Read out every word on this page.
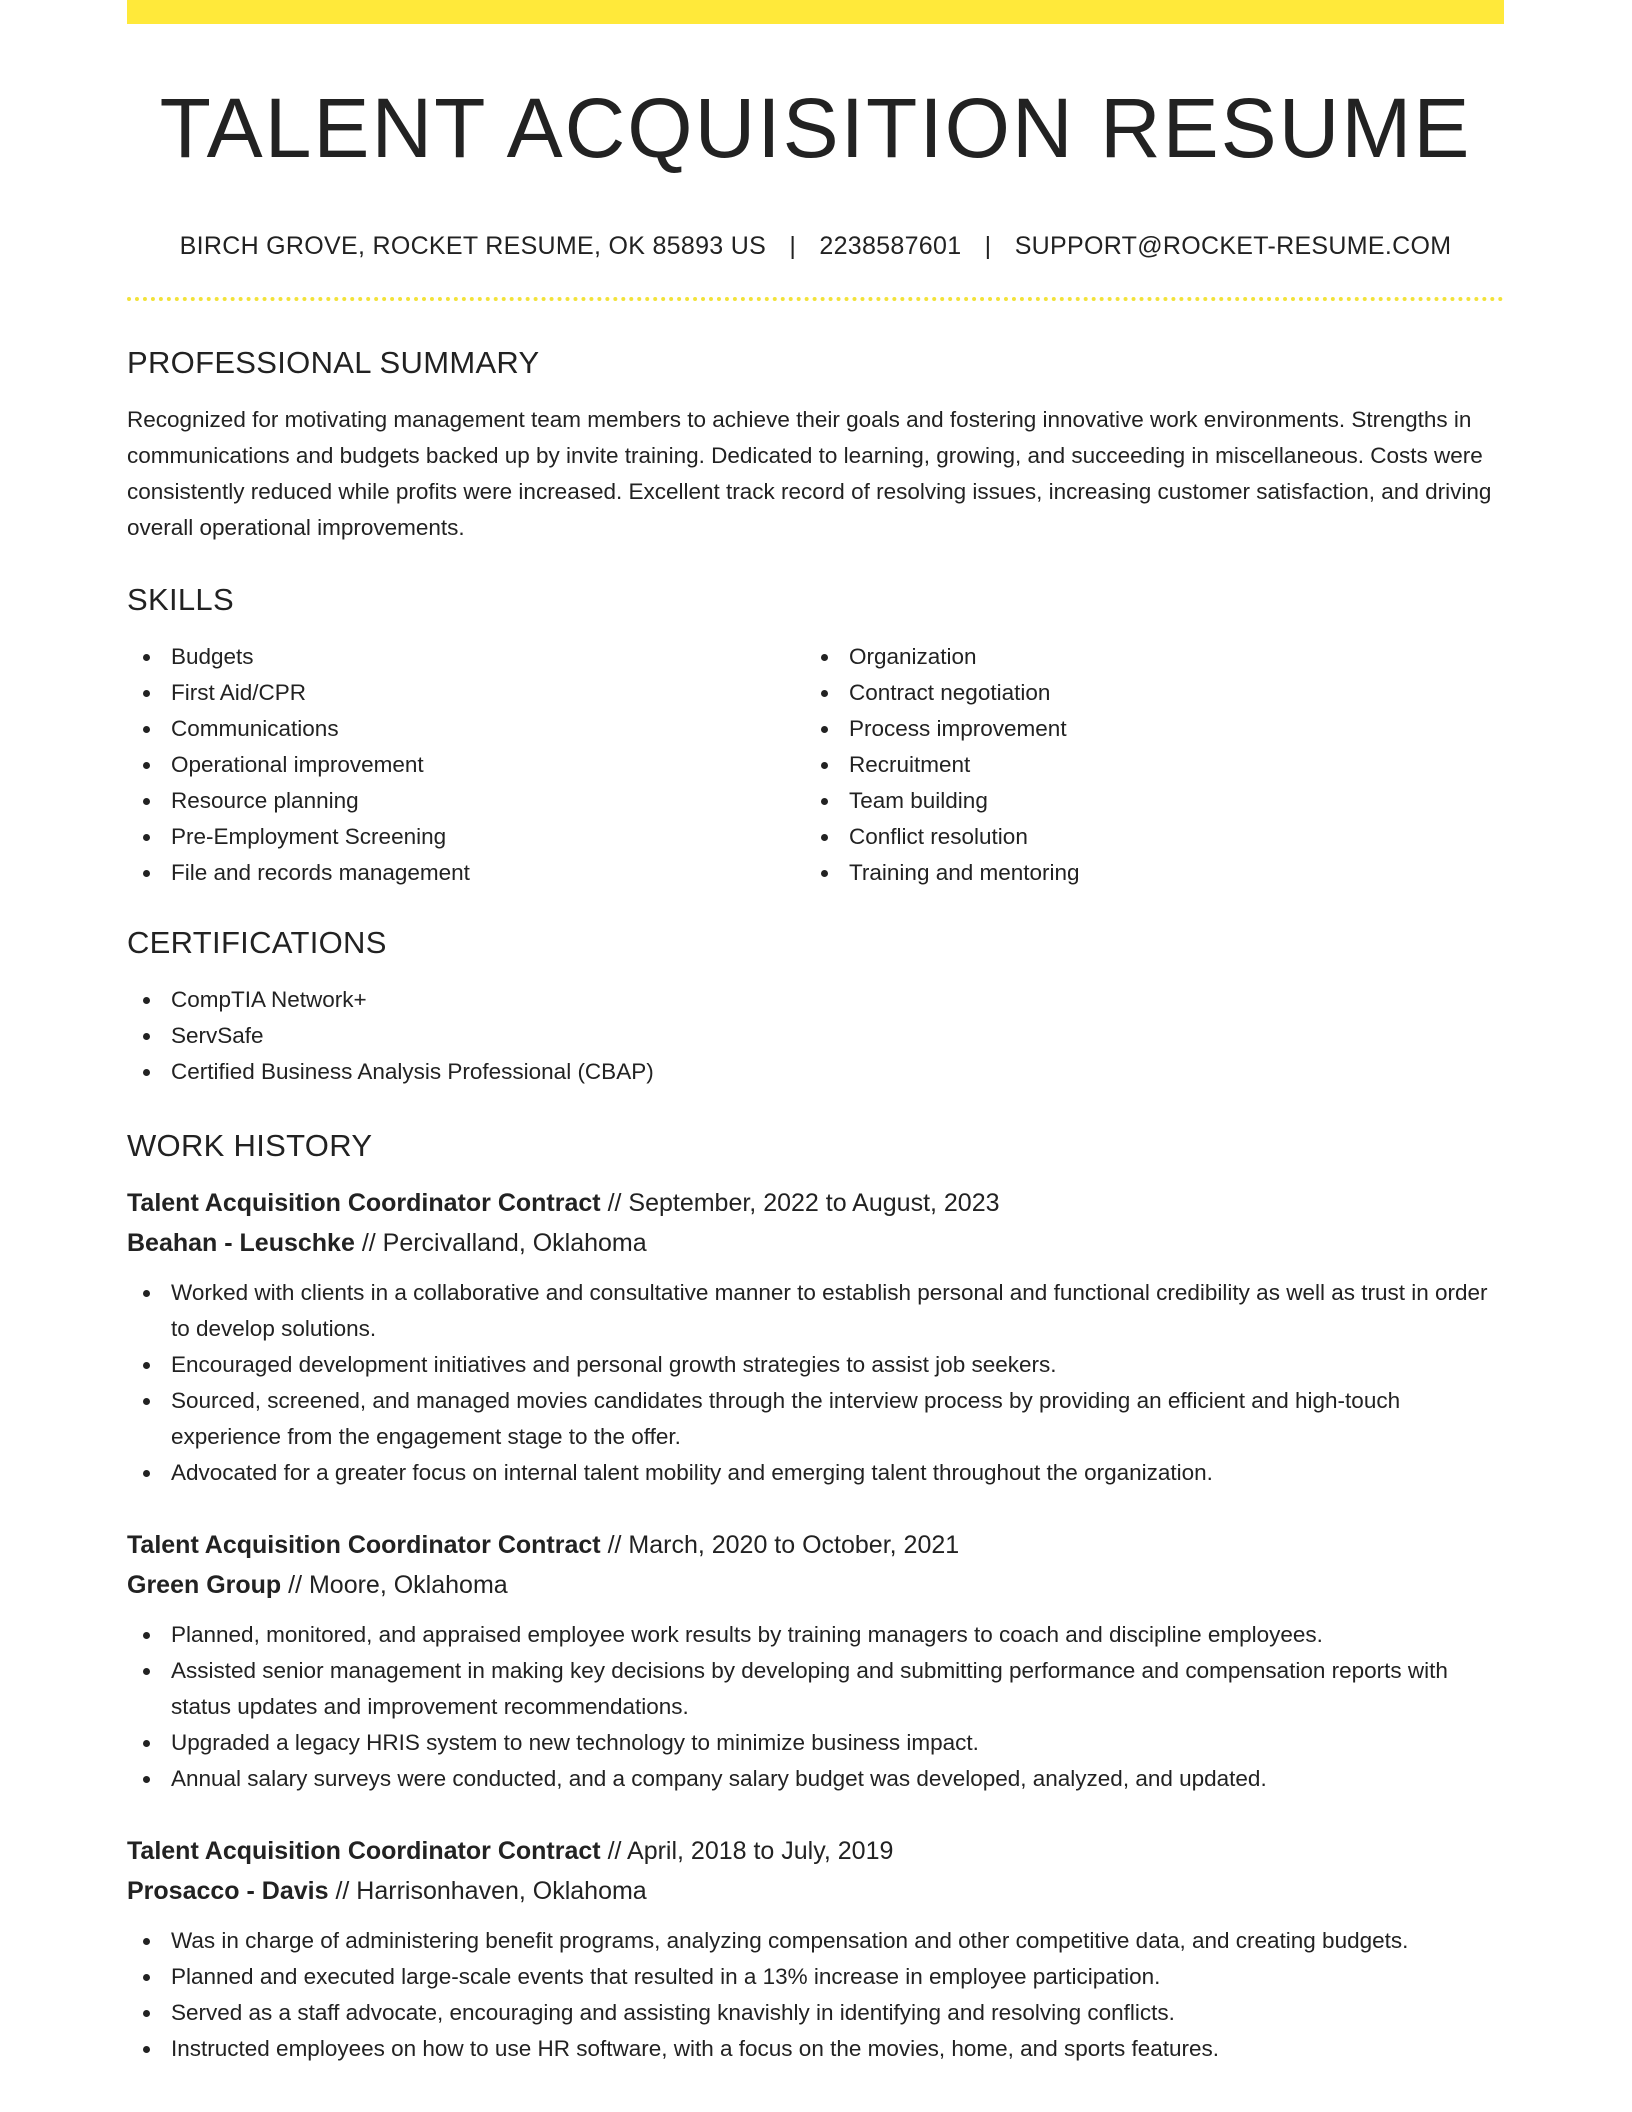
TALENT ACQUISITION RESUME
BIRCH GROVE, ROCKET RESUME, OK 85893 US | 2238587601 | SUPPORT@ROCKET-RESUME.COM
PROFESSIONAL SUMMARY
Recognized for motivating management team members to achieve their goals and fostering innovative work environments. Strengths in communications and budgets backed up by invite training. Dedicated to learning, growing, and succeeding in miscellaneous. Costs were consistently reduced while profits were increased. Excellent track record of resolving issues, increasing customer satisfaction, and driving overall operational improvements.
SKILLS
Budgets
First Aid/CPR
Communications
Operational improvement
Resource planning
Pre-Employment Screening
File and records management
Organization
Contract negotiation
Process improvement
Recruitment
Team building
Conflict resolution
Training and mentoring
CERTIFICATIONS
CompTIA Network+
ServSafe
Certified Business Analysis Professional (CBAP)
WORK HISTORY
Talent Acquisition Coordinator Contract // September, 2022 to August, 2023
Beahan - Leuschke // Percivalland, Oklahoma
Worked with clients in a collaborative and consultative manner to establish personal and functional credibility as well as trust in order to develop solutions.
Encouraged development initiatives and personal growth strategies to assist job seekers.
Sourced, screened, and managed movies candidates through the interview process by providing an efficient and high-touch experience from the engagement stage to the offer.
Advocated for a greater focus on internal talent mobility and emerging talent throughout the organization.
Talent Acquisition Coordinator Contract // March, 2020 to October, 2021
Green Group // Moore, Oklahoma
Planned, monitored, and appraised employee work results by training managers to coach and discipline employees.
Assisted senior management in making key decisions by developing and submitting performance and compensation reports with status updates and improvement recommendations.
Upgraded a legacy HRIS system to new technology to minimize business impact.
Annual salary surveys were conducted, and a company salary budget was developed, analyzed, and updated.
Talent Acquisition Coordinator Contract // April, 2018 to July, 2019
Prosacco - Davis // Harrisonhaven, Oklahoma
Was in charge of administering benefit programs, analyzing compensation and other competitive data, and creating budgets.
Planned and executed large-scale events that resulted in a 13% increase in employee participation.
Served as a staff advocate, encouraging and assisting knavishly in identifying and resolving conflicts.
Instructed employees on how to use HR software, with a focus on the movies, home, and sports features.
